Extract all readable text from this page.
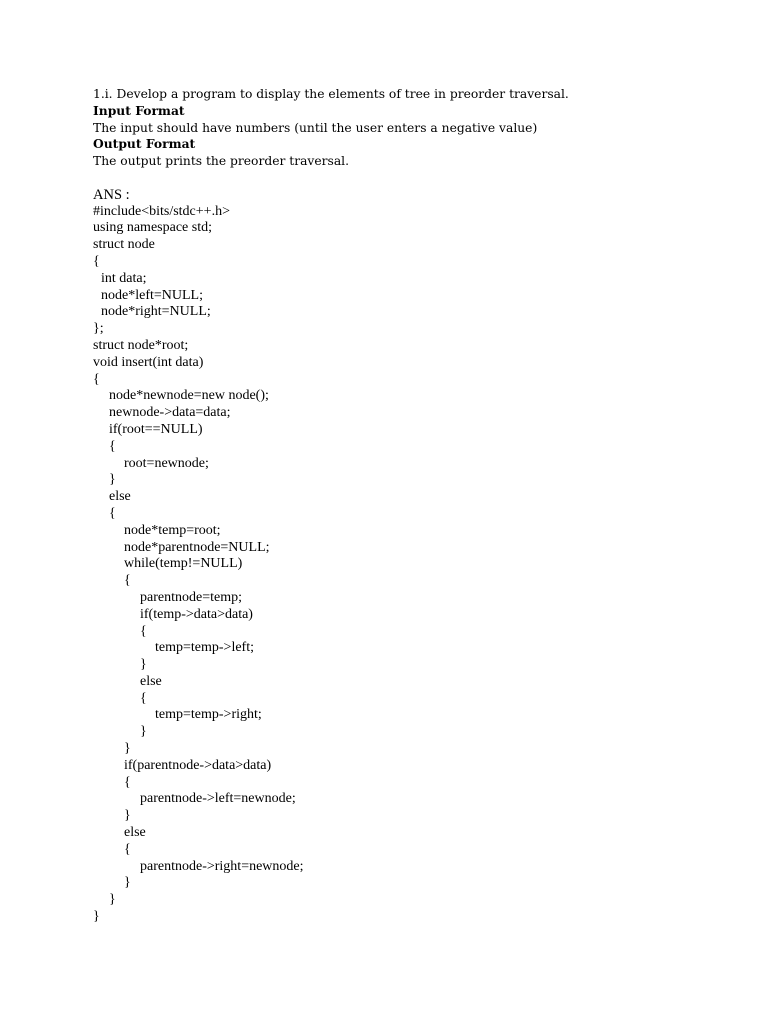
1.i. Develop a program to display the elements of tree in preorder traversal.
Input Format
The input should have numbers (until the user enters a negative value)
Output Format
The output prints the preorder traversal.
ANS :
#include<bits/stdc++.h>
using namespace std;
struct node
{
int data;
node*left=NULL;
node*right=NULL;
};
struct node*root;
void insert(int data)
{
node*newnode=new node();
newnode->data=data;
if(root==NULL)
{
root=newnode;
}
else
{
node*temp=root;
node*parentnode=NULL;
while(temp!=NULL)
{
parentnode=temp;
if(temp->data>data)
{
temp=temp->left;
}
else
{
temp=temp->right;
}
}
if(parentnode->data>data)
{
parentnode->left=newnode;
}
else
{
parentnode->right=newnode;
}
}
}
